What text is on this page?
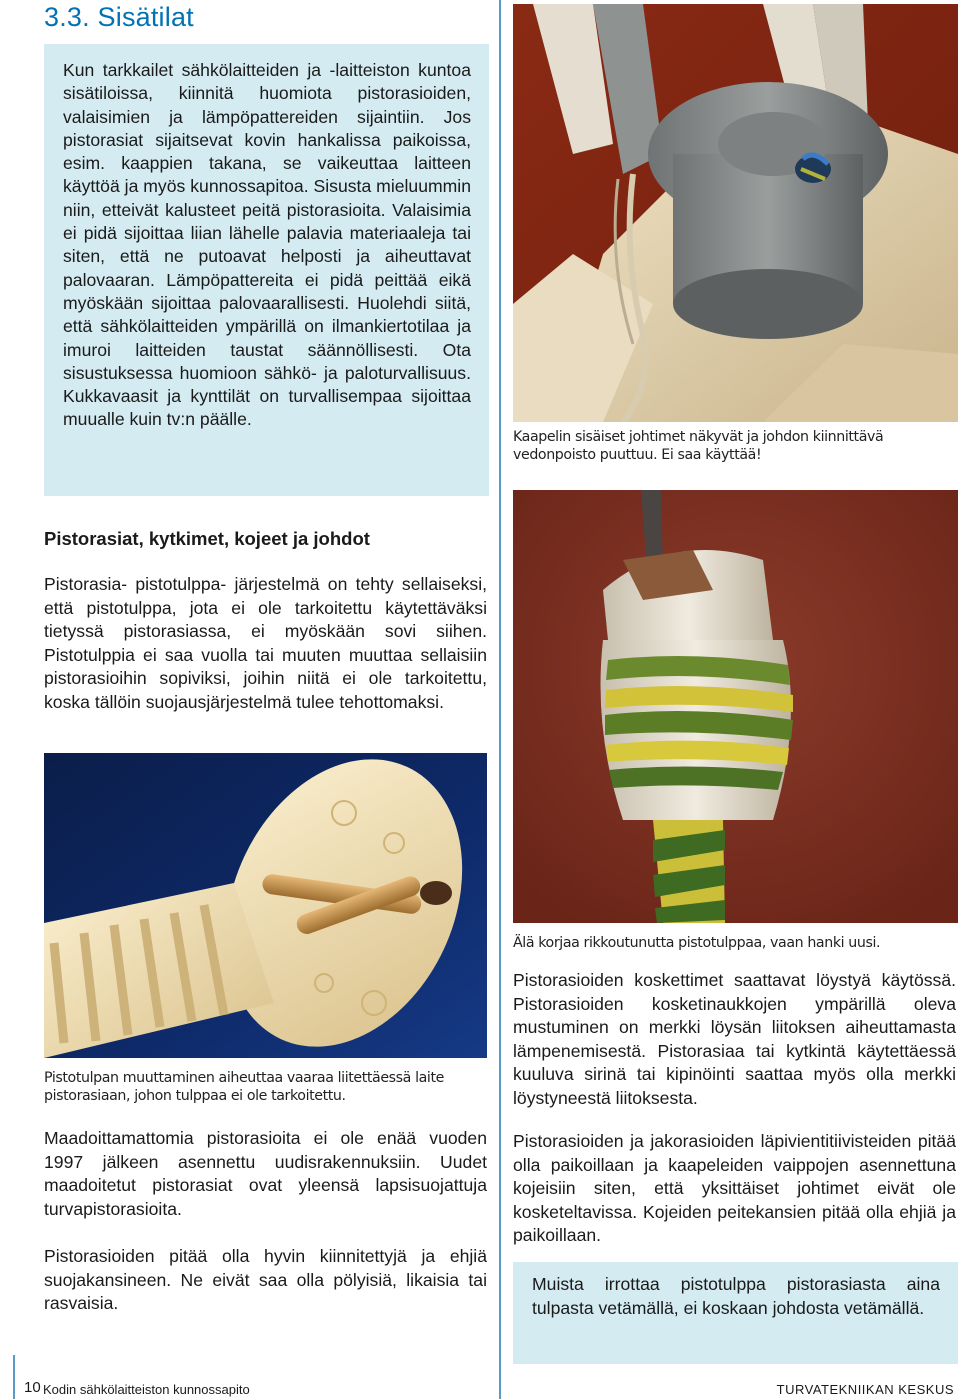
3.3. Sisätilat

Kun tarkkailet sähkölaitteiden ja -laitteiston kuntoa sisätiloissa, kiinnitä huomiota pistorasioiden, valaisimien ja lämpöpattereiden sijaintiin. Jos pistorasiat sijaitsevat kovin hankalissa paikoissa, esim. kaappien takana, se vaikeuttaa laitteen käyttöä ja myös kunnossapitoa. Sisusta mieluummin niin, etteivät kalusteet peitä pistorasioita. Valaisimia ei pidä sijoittaa liian lähelle palavia materiaaleja tai siten, että ne putoavat helposti ja aiheuttavat palovaaran. Lämpöpattereita ei pidä peittää eikä myöskään sijoittaa palovaarallisesti. Huolehdi siitä, että sähkölaitteiden ympärillä on ilmankiertotilaa ja imuroi laitteiden taustat säännöllisesti. Ota sisustuksessa huomioon sähkö- ja paloturvallisuus. Kukkavaasit ja kynttilät on turvallisempaa sijoittaa muualle kuin tv:n päälle.

Kaapelin sisäiset johtimet näkyvät ja johdon kiinnittävä vedonpoisto puuttuu. Ei saa käyttää!
Älä korjaa rikkoutunutta pistotulppaa, vaan hanki uusi.
Pistorasiat, kytkimet, kojeet ja johdot

Pistorasia- pistotulppa- järjestelmä on tehty sellaiseksi, että pistotulppa, jota ei ole tarkoitettu käytettäväksi tietyssä pistorasiassa, ei myöskään sovi siihen. Pistotulppia ei saa vuolla tai muuten muuttaa sellaisiin pistorasioihin sopiviksi, joihin niitä ei ole tarkoitettu, koska tällöin suojausjärjestelmä tulee tehottomaksi.

Pistotulpan muuttaminen aiheuttaa vaaraa liitettäessä laite pistorasiaan, johon tulppaa ei ole tarkoitettu.

Maadoittamattomia pistorasioita ei ole enää vuoden 1997 jälkeen asennettu uudisrakennuksiin. Uudet maadoitetut pistorasiat ovat yleensä lapsisuojattuja turvapistorasioita.

Pistorasioiden pitää olla hyvin kiinnitettyjä ja ehjiä suojakansineen. Ne eivät saa olla pölyisiä, likaisia tai rasvaisia.

Pistorasioiden koskettimet saattavat löystyä käytössä. Pistorasioiden kosketinaukkojen ympärillä oleva mustuminen on merkki löysän liitoksen aiheuttamasta lämpenemisestä. Pistorasiaa tai kytkintä käytettäessä kuuluva sirinä tai kipinöinti saattaa myös olla merkki löystyneestä liitoksesta.

Pistorasioiden ja jakorasioiden läpivientitiivisteiden pitää olla paikoillaan ja kaapeleiden vaippojen asennettuna kojeisiin siten, että yksittäiset johtimet eivät ole kosketeltavissa. Kojeiden peitekansien pitää olla ehjiä ja paikoillaan.

Muista irrottaa pistotulppa pistorasiasta aina tulpasta vetämällä, ei koskaan johdosta vetämällä.

10 Kodin sähkölaitteiston kunnossapito	TURVATEKNIIKAN KESKUS
